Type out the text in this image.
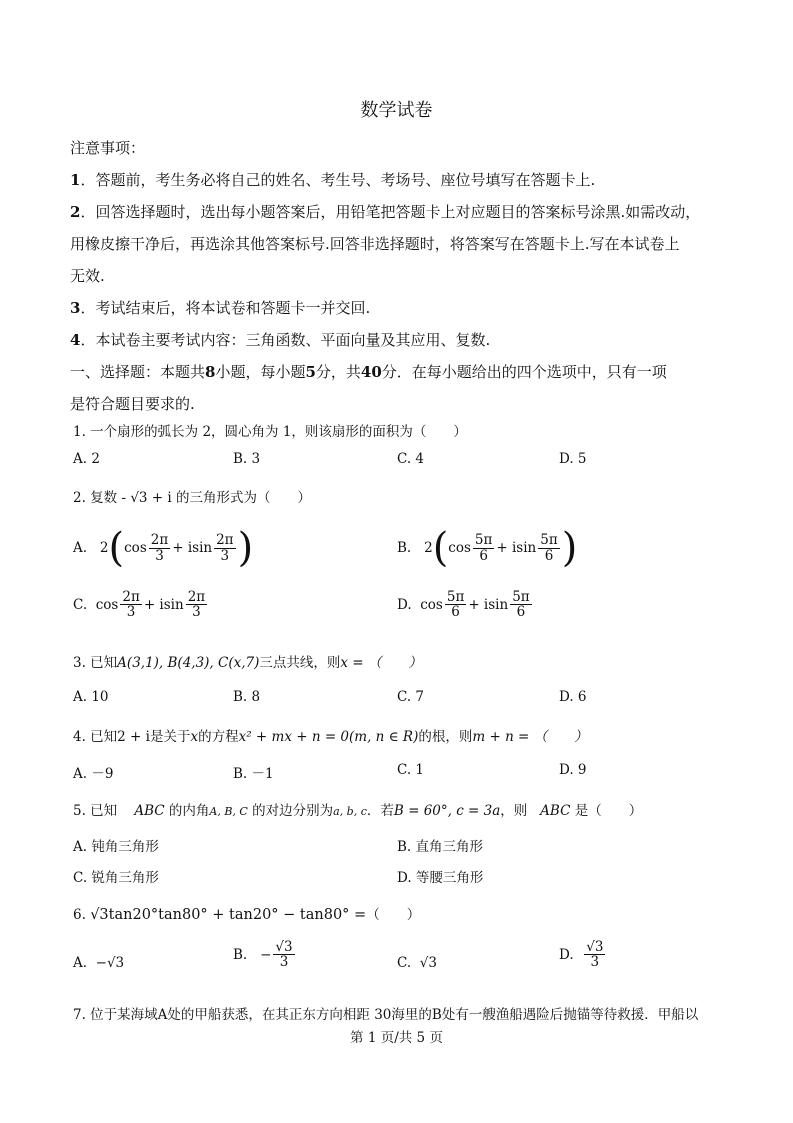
数学试卷
注意事项：
1．答题前，考生务必将自己的姓名、考生号、考场号、座位号填写在答题卡上.
2．回答选择题时，选出每小题答案后，用铅笔把答题卡上对应题目的答案标号涂黑.如需改动，
用橡皮擦干净后，再选涂其他答案标号.回答非选择题时，将答案写在答题卡上.写在本试卷上
无效.
3．考试结束后，将本试卷和答题卡一并交回.
4．本试卷主要考试内容：三角函数、平面向量及其应用、复数.
一、选择题：本题共8小题，每小题5分，共40分．在每小题给出的四个选项中，只有一项
是符合题目要求的.
1. 一个扇形的弧长为 2，圆心角为 1，则该扇形的面积为（　　）
A. 2	B. 3	C. 4	D. 5
2. 复数 - √3 + i 的三角形式为（　　）
A.
2 ( $\cos \frac{2\pi}{3} + isin \frac{2\pi}{3}$ )	B.
2 ( $\cos \frac{5\pi}{6} + isin \frac{5\pi}{6}$ )
C.
$\cos \frac{2\pi}{3} + isin \frac{2\pi}{3}$	D.
$\cos \frac{5\pi}{6} + isin \frac{5\pi}{6}$
3. 已知A(3,1), B(4,3), C(x,7)三点共线，则x = （　　）
A. 10	B. 8	C. 7	D. 6
4. 已知2 + i是关于x的方程x² + mx + n = 0(m, n ∈ R)的根，则m + n = （　　）
A. －9	B. －1	C. 1	D. 9
5. 已知 ABC 的内角A, B, C 的对边分别为a, b, c．若B = 60°, c = 3a，则 ABC 是（　　）
A. 钝角三角形	B. 直角三角形
C. 锐角三角形	D. 等腰三角形
6. √3tan20°tan80° + tan20° − tan80° =（　　）
A. −√3
B.
− $\frac{√3}{3}$	C. √3
D.
$\frac{√3}{3}$
7. 位于某海域A处的甲船获悉，在其正东方向相距 30海里的B处有一艘渔船遇险后抛锚等待救援．甲船以
第 1 页/共 5 页
